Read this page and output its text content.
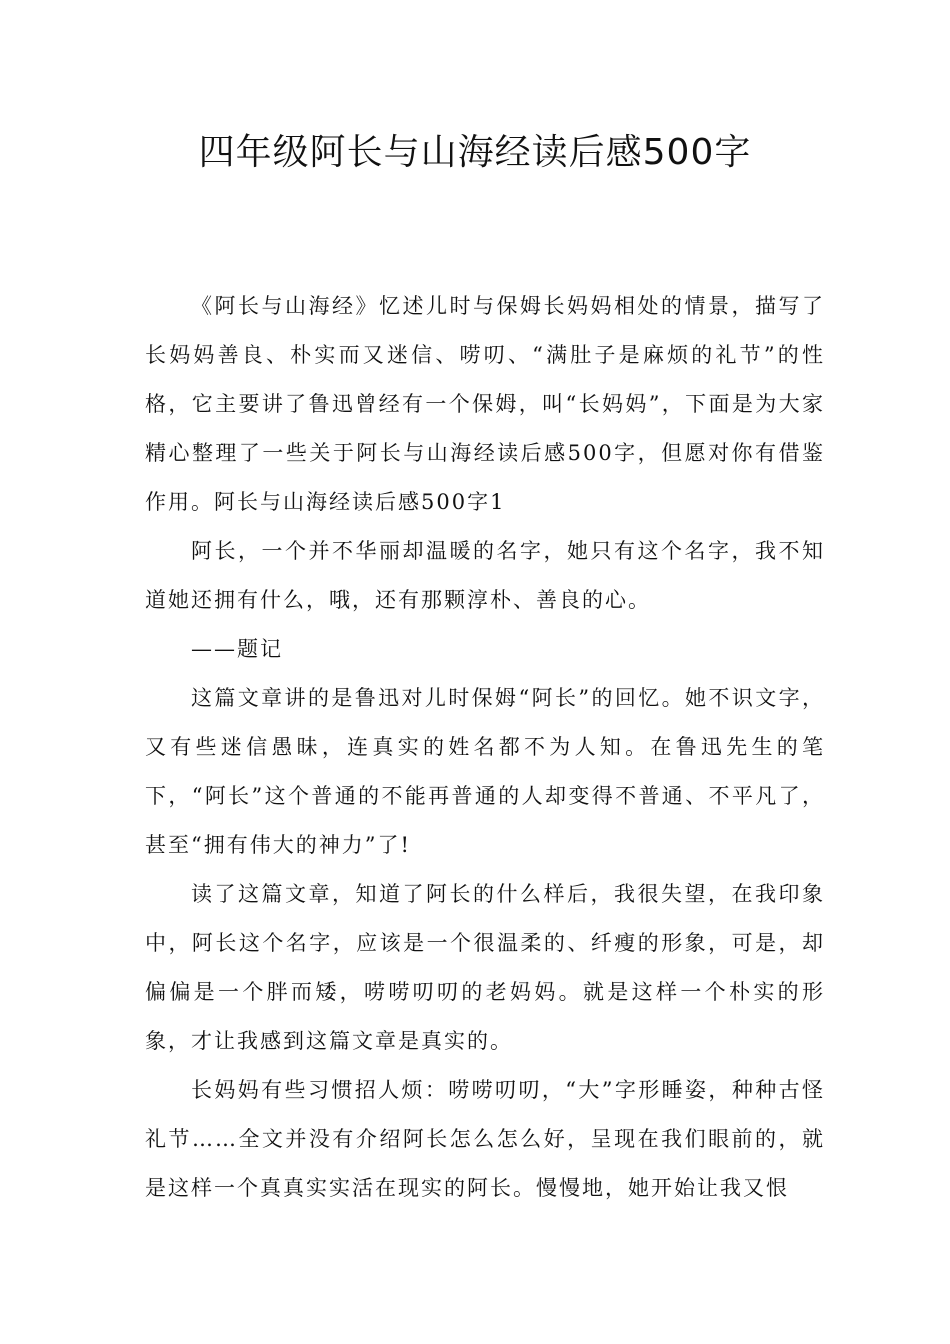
四年级阿长与山海经读后感500字

《阿长与山海经》忆述儿时与保姆长妈妈相处的情景，描写了长妈妈善良、朴实而又迷信、唠叨、“满肚子是麻烦的礼节”的性格，它主要讲了鲁迅曾经有一个保姆，叫“长妈妈”，下面是为大家精心整理了一些关于阿长与山海经读后感500字，但愿对你有借鉴作用。阿长与山海经读后感500字1

阿长，一个并不华丽却温暖的名字，她只有这个名字，我不知道她还拥有什么，哦，还有那颗淳朴、善良的心。

——题记

这篇文章讲的是鲁迅对儿时保姆“阿长”的回忆。她不识文字，又有些迷信愚昧，连真实的姓名都不为人知。在鲁迅先生的笔下，“阿长”这个普通的不能再普通的人却变得不普通、不平凡了，甚至“拥有伟大的神力”了!

读了这篇文章，知道了阿长的什么样后，我很失望，在我印象中，阿长这个名字，应该是一个很温柔的、纤瘦的形象，可是，却偏偏是一个胖而矮，唠唠叨叨的老妈妈。就是这样一个朴实的形象，才让我感到这篇文章是真实的。

长妈妈有些习惯招人烦：唠唠叨叨，“大”字形睡姿，种种古怪礼节……全文并没有介绍阿长怎么怎么好，呈现在我们眼前的，就是这样一个真真实实活在现实的阿长。慢慢地，她开始让我又恨
